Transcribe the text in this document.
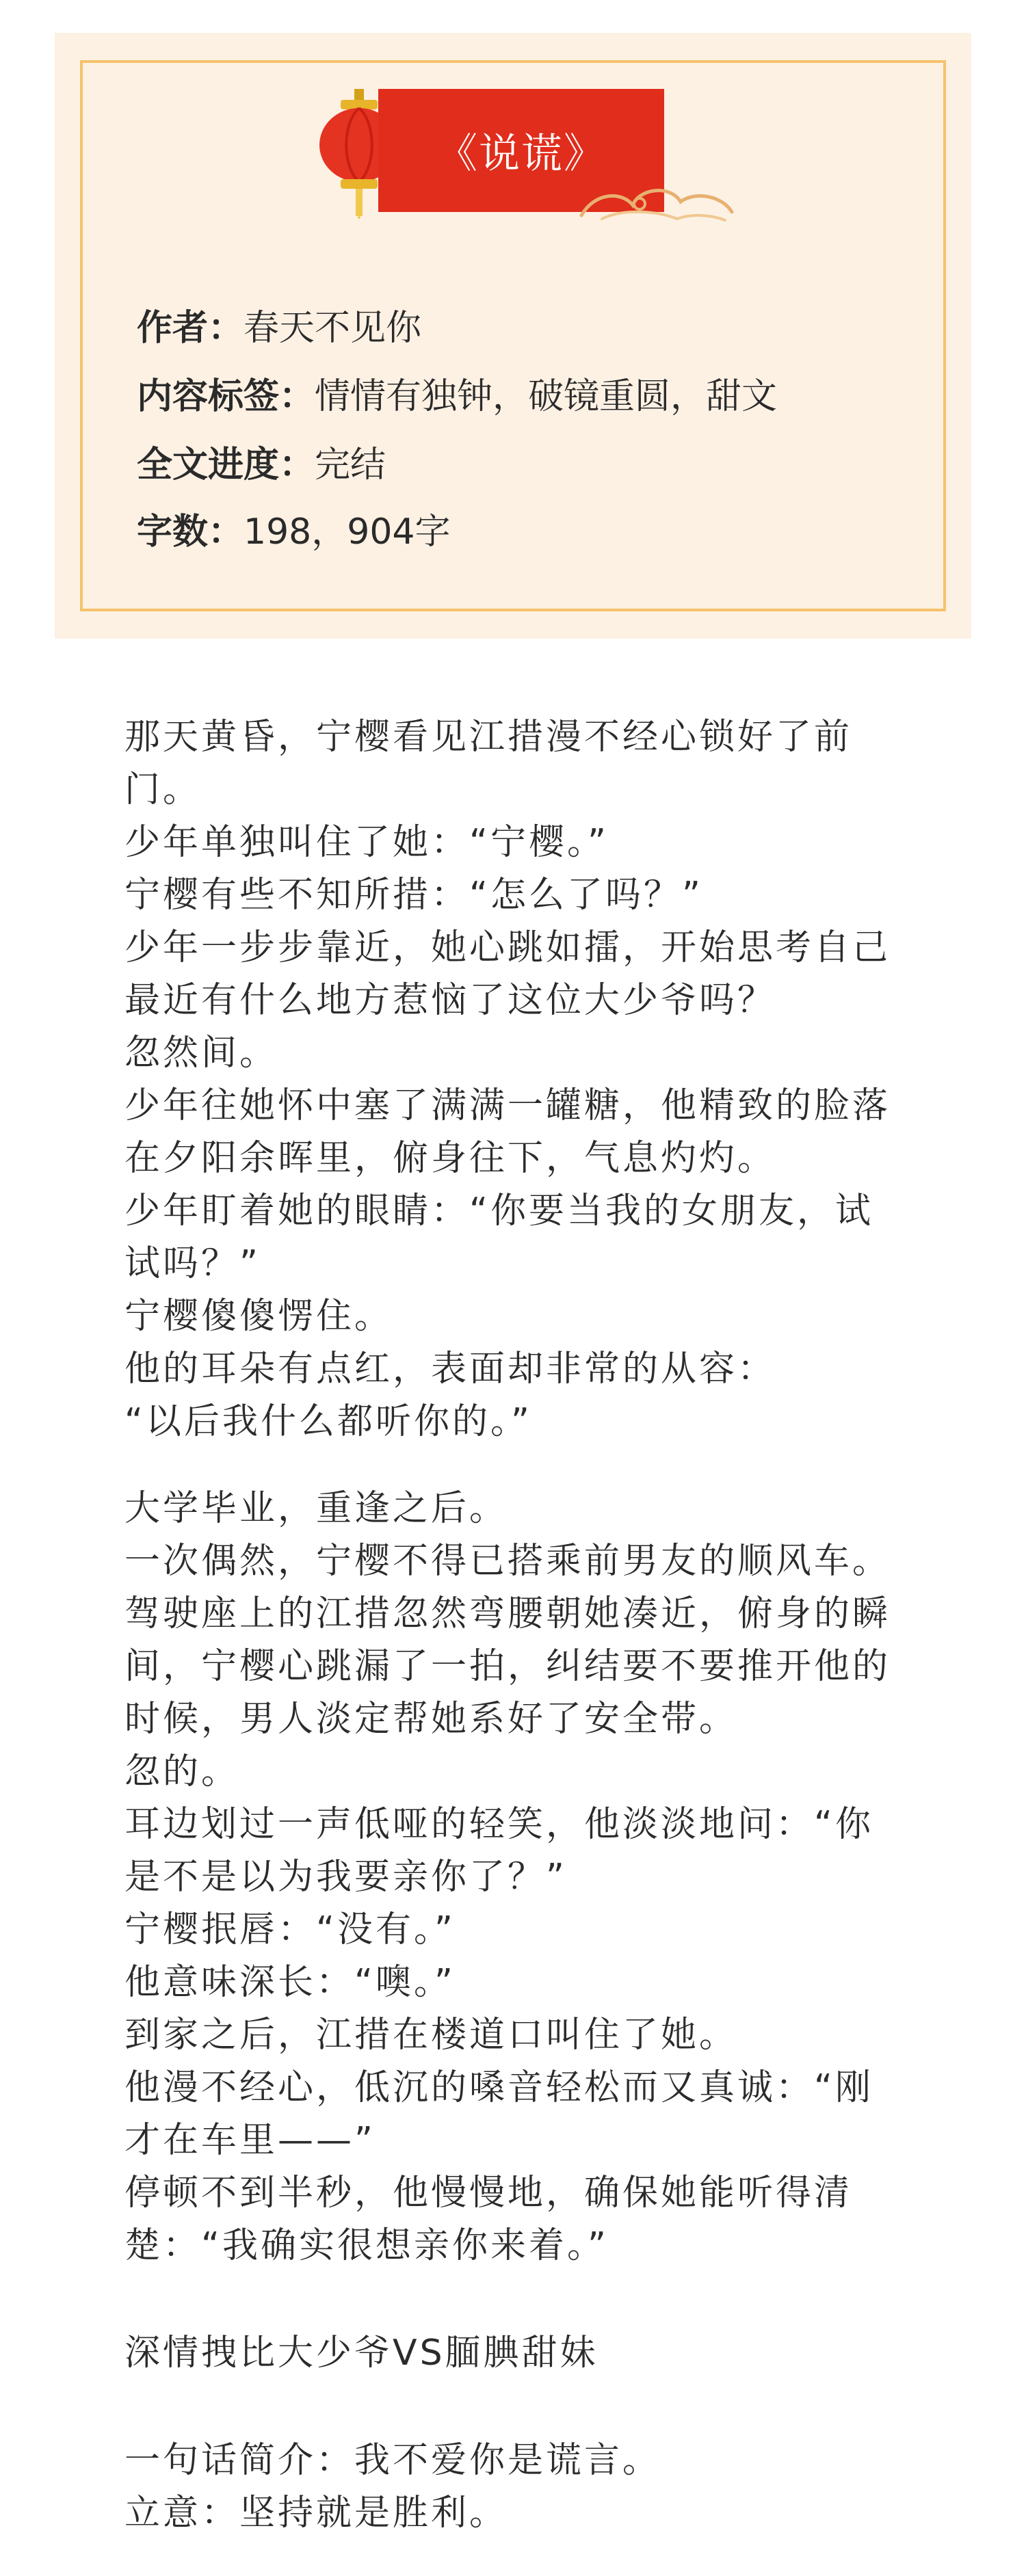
《说谎》
作者：春天不见你
内容标签：情情有独钟，破镜重圆，甜文
全文进度：完结
字数：198，904字

那天黄昏，宁樱看见江措漫不经心锁好了前门。

少年单独叫住了她：“宁樱。”

宁樱有些不知所措：“怎么了吗？”

少年一步步靠近，她心跳如擂，开始思考自己最近有什么地方惹恼了这位大少爷吗？

忽然间。

少年往她怀中塞了满满一罐糖，他精致的脸落在夕阳余晖里，俯身往下，气息灼灼。

少年盯着她的眼睛：“你要当我的女朋友，试试吗？”

宁樱傻傻愣住。

他的耳朵有点红，表面却非常的从容：

“以后我什么都听你的。”

大学毕业，重逢之后。

一次偶然，宁樱不得已搭乘前男友的顺风车。

驾驶座上的江措忽然弯腰朝她凑近，俯身的瞬间，宁樱心跳漏了一拍，纠结要不要推开他的时候，男人淡定帮她系好了安全带。

忽的。

耳边划过一声低哑的轻笑，他淡淡地问：“你是不是以为我要亲你了？”

宁樱抿唇：“没有。”

他意味深长：“噢。”

到家之后，江措在楼道口叫住了她。

他漫不经心，低沉的嗓音轻松而又真诚：“刚才在车里——”

停顿不到半秒，他慢慢地，确保她能听得清楚：“我确实很想亲你来着。”

深情拽比大少爷VS腼腆甜妹

一句话简介：我不爱你是谎言。

立意：坚持就是胜利。
